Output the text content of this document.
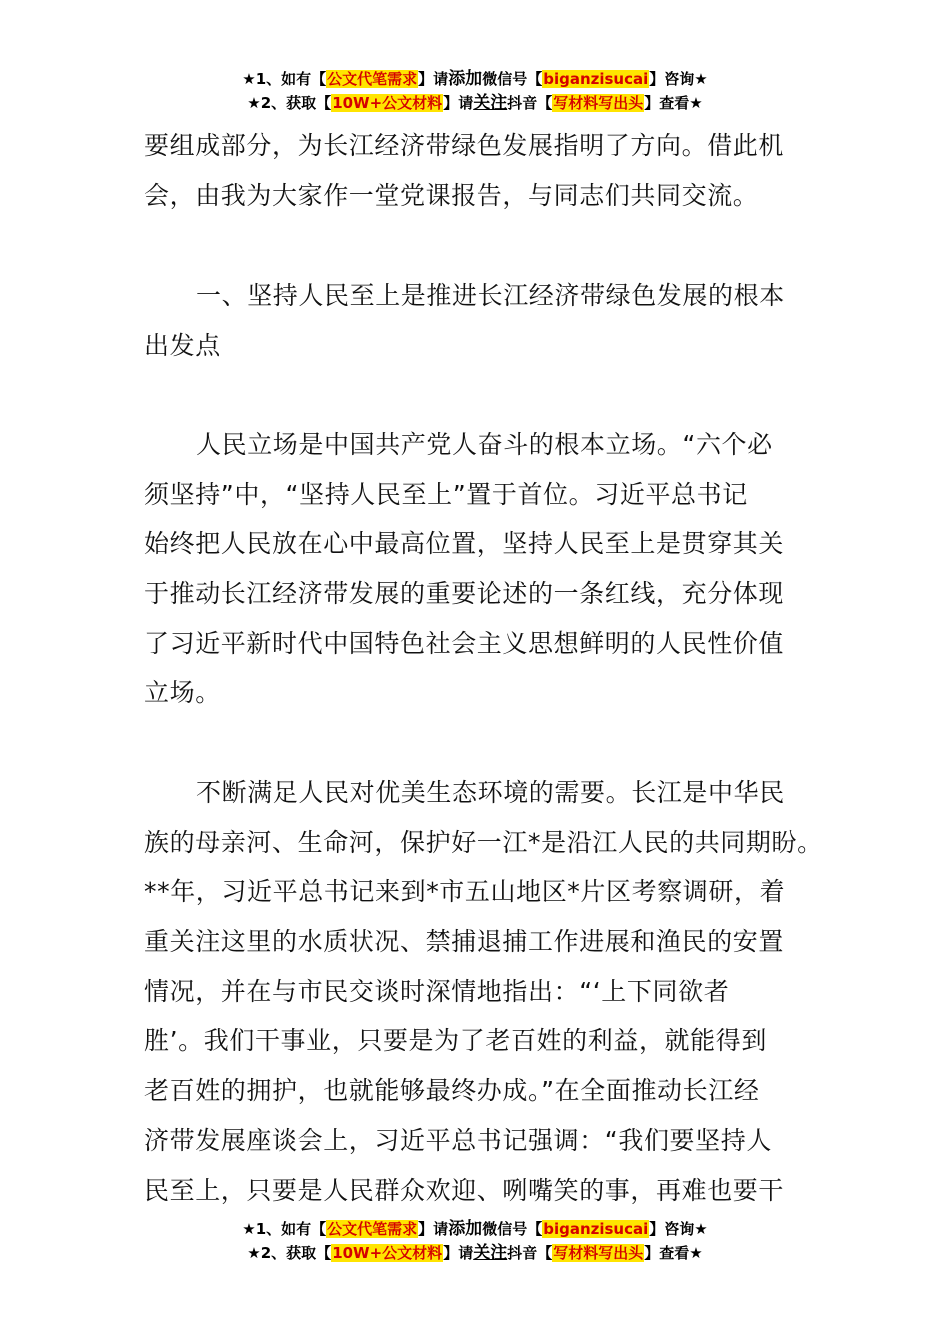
★1、如有【公文代笔需求】请添加微信号【biganzisucai】咨询★
★2、获取【10W+公文材料】请关注抖音【写材料写出头】查看★
要组成部分，为长江经济带绿色发展指明了方向。借此机
会，由我为大家作一堂党课报告，与同志们共同交流。
一、坚持人民至上是推进长江经济带绿色发展的根本
出发点
人民立场是中国共产党人奋斗的根本立场。“六个必
须坚持”中，“坚持人民至上”置于首位。习近平总书记
始终把人民放在心中最高位置，坚持人民至上是贯穿其关
于推动长江经济带发展的重要论述的一条红线，充分体现
了习近平新时代中国特色社会主义思想鲜明的人民性价值
立场。
不断满足人民对优美生态环境的需要。长江是中华民
族的母亲河、生命河，保护好一江*是沿江人民的共同期盼。
**年，习近平总书记来到*市五山地区*片区考察调研，着
重关注这里的水质状况、禁捕退捕工作进展和渔民的安置
情况，并在与市民交谈时深情地指出：“‘上下同欲者
胜’。我们干事业，只要是为了老百姓的利益，就能得到
老百姓的拥护，也就能够最终办成。”在全面推动长江经
济带发展座谈会上，习近平总书记强调：“我们要坚持人
民至上，只要是人民群众欢迎、咧嘴笑的事，再难也要干
★1、如有【公文代笔需求】请添加微信号【biganzisucai】咨询★
★2、获取【10W+公文材料】请关注抖音【写材料写出头】查看★
